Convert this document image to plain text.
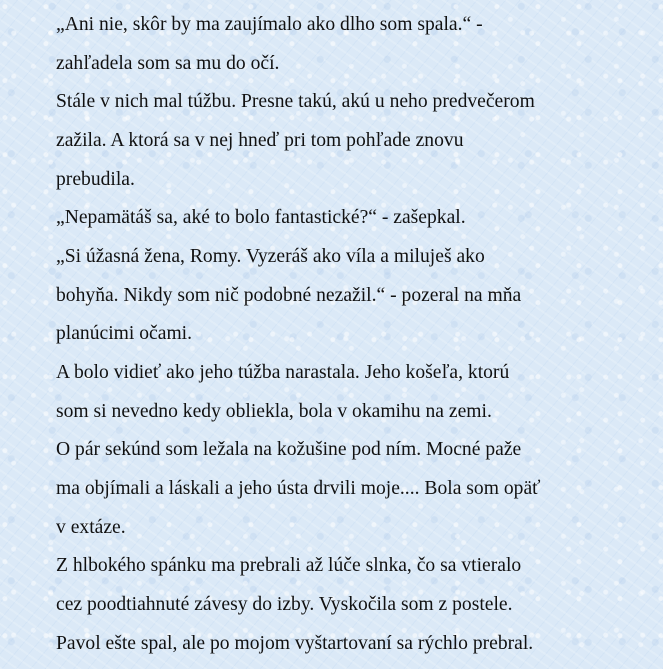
„Ani nie, skôr by ma zaujímalo ako dlho som spala.“ -
zahľadela som sa mu do očí.
Stále v nich mal túžbu. Presne takú, akú u neho predvečerom
zažila. A ktorá sa v nej hneď pri tom pohľade znovu
prebudila.
„Nepamätáš sa, aké to bolo fantastické?“ - zašepkal.
„Si úžasná žena, Romy. Vyzeráš ako víla a miluješ ako
bohyňa. Nikdy som nič podobné nezažil.“ - pozeral na mňa
planúcimi očami.
A bolo vidieť ako jeho túžba narastala. Jeho košeľa, ktorú
som si nevedno kedy obliekla, bola v okamihu na zemi.
O pár sekúnd som ležala na kožušine pod ním. Mocné paže
ma objímali a láskali a jeho ústa drvili moje.... Bola som opäť
v extáze.
Z hlbokého spánku ma prebrali až lúče slnka, čo sa vtieralo
cez poodtiahnuté závesy do izby. Vyskočila som z postele.
Pavol ešte spal, ale po mojom vyštartovaní sa rýchlo prebral.
